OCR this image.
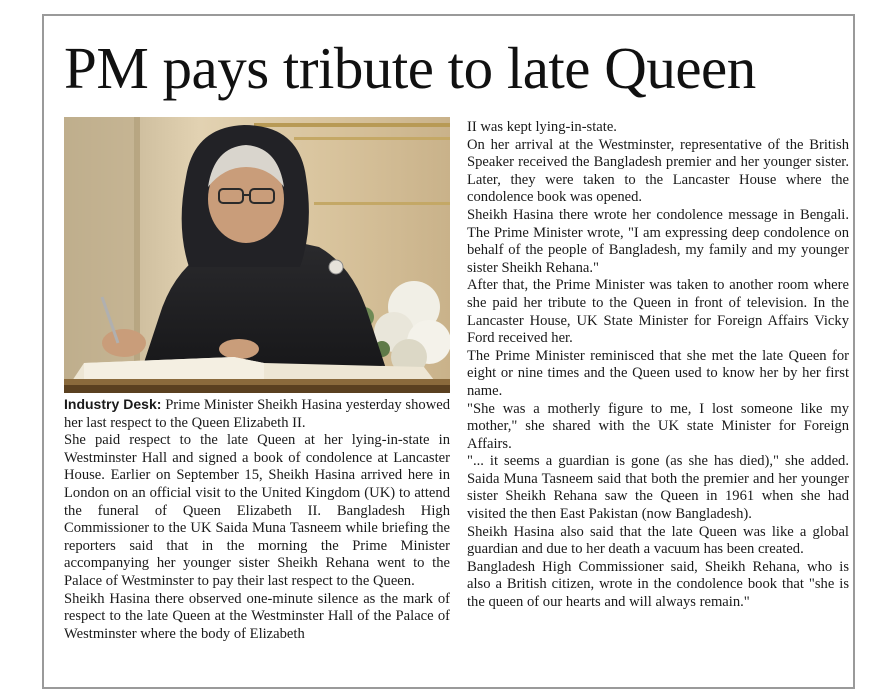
PM pays tribute to late Queen

Industry Desk: Prime Minister Sheikh Hasina yesterday showed her last respect to the Queen Elizabeth II.

She paid respect to the late Queen at her lying-in-state in Westminster Hall and signed a book of condolence at Lancaster House. Earlier on September 15, Sheikh Hasina arrived here in London on an official visit to the United Kingdom (UK) to attend the funeral of Queen Elizabeth II. Bangladesh High Commissioner to the UK Saida Muna Tasneem while briefing the reporters said that in the morning the Prime Minister accompanying her younger sister Sheikh Rehana went to the Palace of Westminster to pay their last respect to the Queen.

Sheikh Hasina there observed one-minute silence as the mark of respect to the late Queen at the Westminster Hall of the Palace of Westminster where the body of Elizabeth

II was kept lying-in-state.

On her arrival at the Westminster, representative of the British Speaker received the Bangladesh premier and her younger sister. Later, they were taken to the Lancaster House where the condolence book was opened.

Sheikh Hasina there wrote her condolence message in Bengali. The Prime Minister wrote, "I am expressing deep condolence on behalf of the people of Bangladesh, my family and my younger sister Sheikh Rehana."

After that, the Prime Minister was taken to another room where she paid her tribute to the Queen in front of television. In the Lancaster House, UK State Minister for Foreign Affairs Vicky Ford received her.

The Prime Minister reminisced that she met the late Queen for eight or nine times and the Queen used to know her by her first name.

"She was a motherly figure to me, I lost someone like my mother," she shared with the UK state Minister for Foreign Affairs.

"... it seems a guardian is gone (as she has died)," she added. Saida Muna Tasneem said that both the premier and her younger sister Sheikh Rehana saw the Queen in 1961 when she had visited the then East Pakistan (now Bangladesh).

Sheikh Hasina also said that the late Queen was like a global guardian and due to her death a vacuum has been created.

Bangladesh High Commissioner said, Sheikh Rehana, who is also a British citizen, wrote in the condolence book that "she is the queen of our hearts and will always remain."
